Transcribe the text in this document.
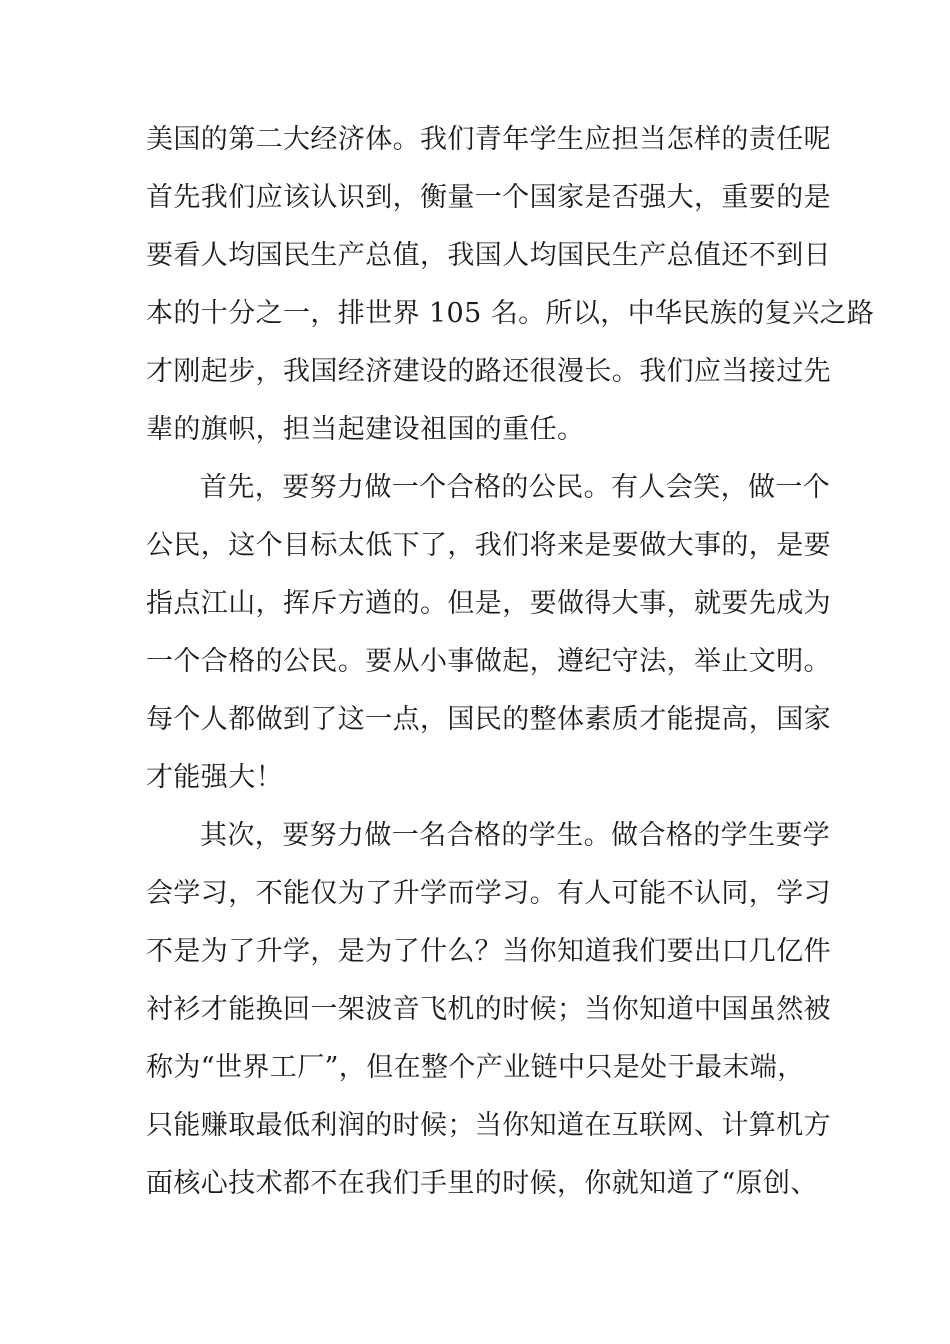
美国的第二大经济体。我们青年学生应担当怎样的责任呢
首先我们应该认识到，衡量一个国家是否强大，重要的是
要看人均国民生产总值，我国人均国民生产总值还不到日
本的十分之一，排世界 105 名。所以，中华民族的复兴之路
才刚起步，我国经济建设的路还很漫长。我们应当接过先
辈的旗帜，担当起建设祖国的重任。
首先，要努力做一个合格的公民。有人会笑，做一个
公民，这个目标太低下了，我们将来是要做大事的，是要
指点江山，挥斥方遒的。但是，要做得大事，就要先成为
一个合格的公民。要从小事做起，遵纪守法，举止文明。
每个人都做到了这一点，国民的整体素质才能提高，国家
才能强大！
其次，要努力做一名合格的学生。做合格的学生要学
会学习，不能仅为了升学而学习。有人可能不认同，学习
不是为了升学，是为了什么？当你知道我们要出口几亿件
衬衫才能换回一架波音飞机的时候；当你知道中国虽然被
称为“世界工厂”，但在整个产业链中只是处于最末端，
只能赚取最低利润的时候；当你知道在互联网、计算机方
面核心技术都不在我们手里的时候，你就知道了“原创、
